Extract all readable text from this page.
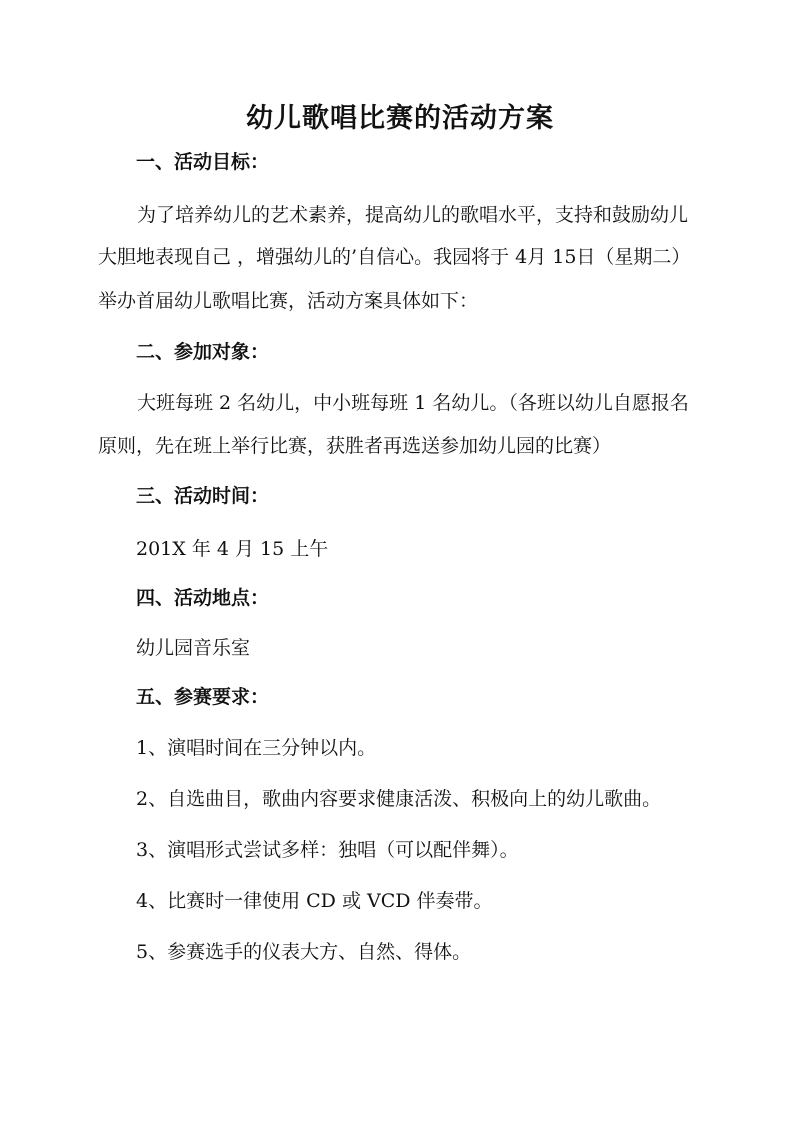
幼儿歌唱比赛的活动方案

一、活动目标：

为了培养幼儿的艺术素养，提高幼儿的歌唱水平，支持和鼓励幼儿

大胆地表现自己 ，增强幼儿的’自信心。我园将于 4月 15日（星期二）

举办首届幼儿歌唱比赛，活动方案具体如下：

二、参加对象：

大班每班 2 名幼儿，中小班每班 1 名幼儿。（各班以幼儿自愿报名

原则，先在班上举行比赛，获胜者再选送参加幼儿园的比赛）

三、活动时间：

201X 年 4 月 15 上午

四、活动地点：

幼儿园音乐室

五、参赛要求：

1、演唱时间在三分钟以内。

2、自选曲目，歌曲内容要求健康活泼、积极向上的幼儿歌曲。

3、演唱形式尝试多样：独唱（可以配伴舞）。

4、比赛时一律使用 CD 或 VCD 伴奏带。

5、参赛选手的仪表大方、自然、得体。
